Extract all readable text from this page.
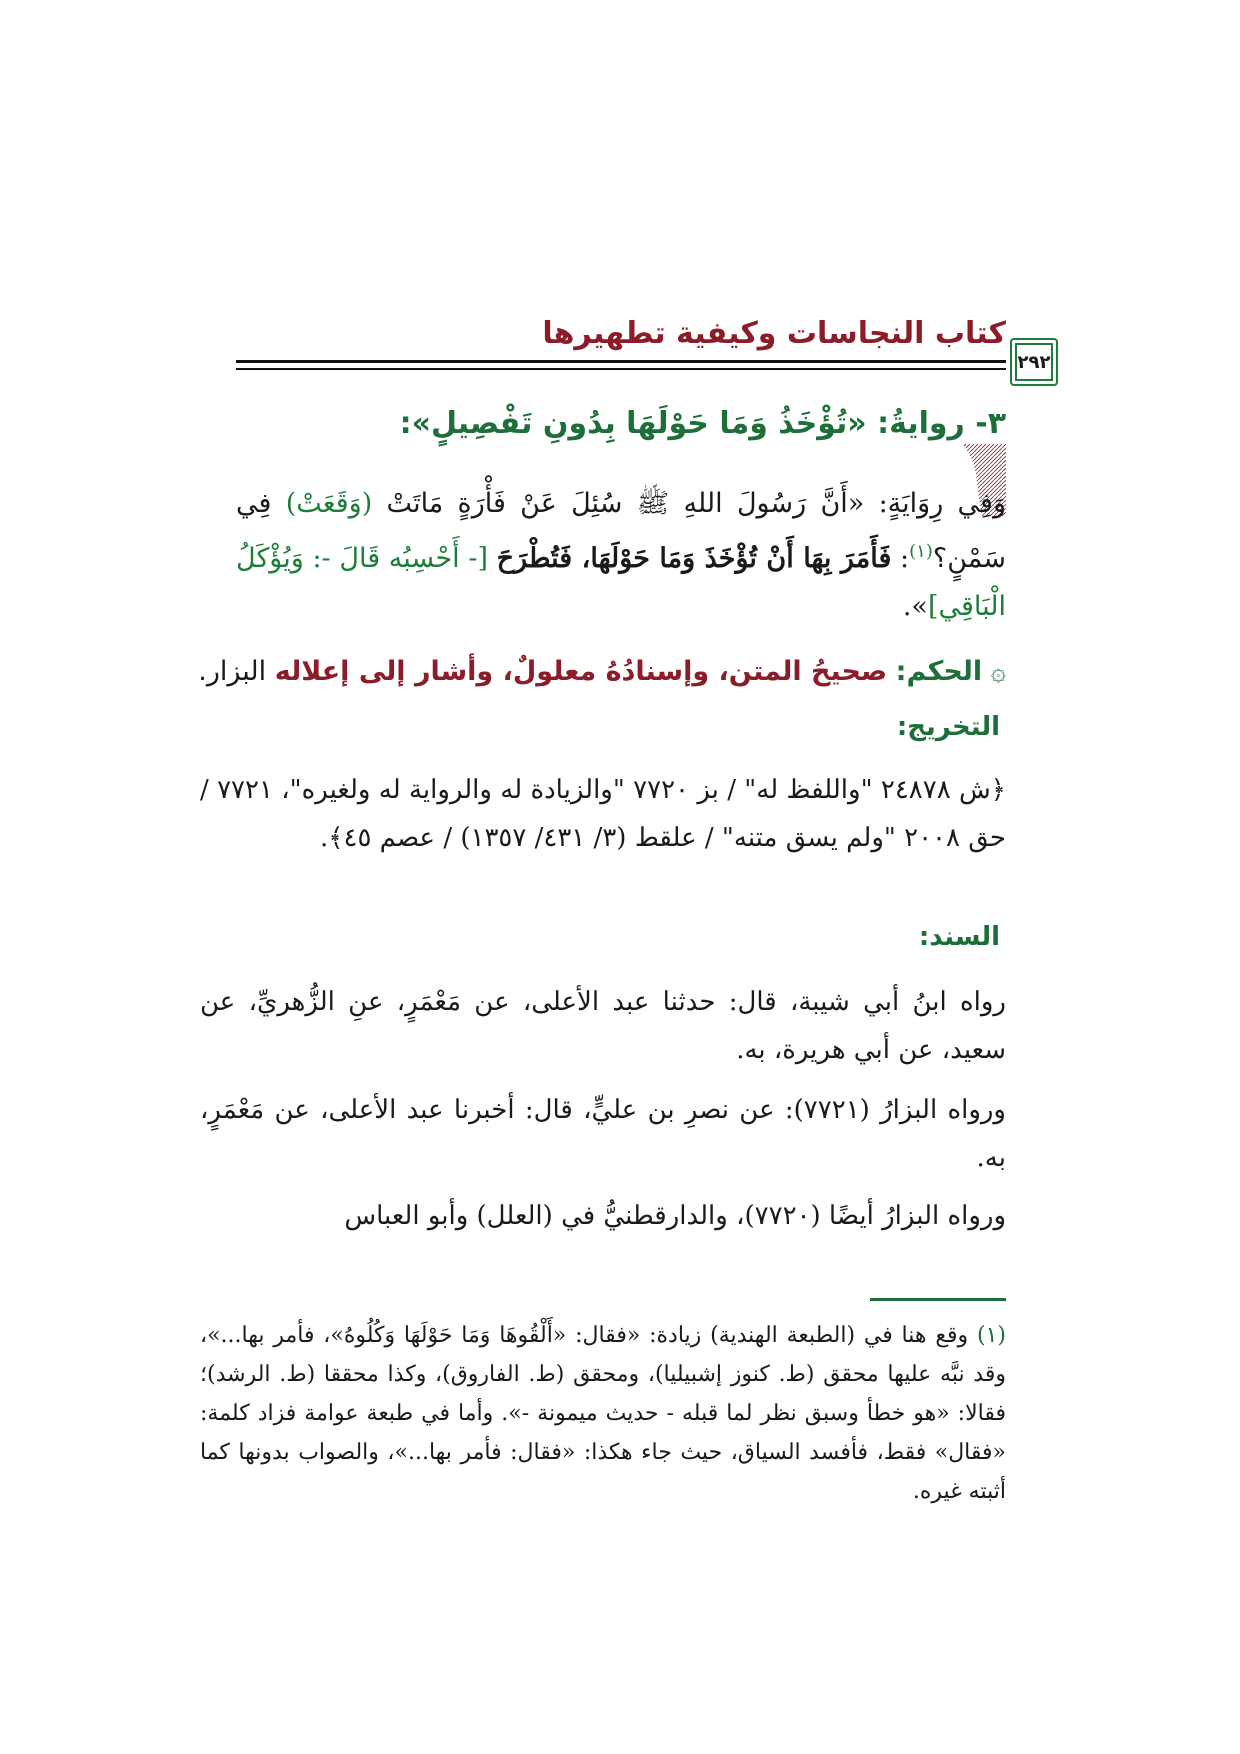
كتاب النجاسات وكيفية تطهيرها
٢٩٢
٣- روايةُ: «تُؤْخَذُ وَمَا حَوْلَهَا بِدُونِ تَفْصِيلٍ»:
وَفِي رِوَايَةٍ: «أَنَّ رَسُولَ اللهِ ﷺ سُئِلَ عَنْ فَأْرَةٍ مَاتَتْ (وَقَعَتْ) فِي سَمْنٍ؟$^{(١)}$: فَأَمَرَ بِهَا أَنْ تُؤْخَذَ وَمَا حَوْلَهَا، فَتُطْرَحَ [- أَحْسِبُه قَالَ -: وَيُؤْكَلُ الْبَاقِي]».
۞ الحكم: صحيحُ المتن، وإسنادُهُ معلولٌ، وأشار إلى إعلاله البزار.
التخريج:
﴿ش ٢٤٨٧٨ "واللفظ له" / بز ٧٧٢٠ "والزيادة له والرواية له ولغيره"، ٧٧٢١ / حق ٢٠٠٨ "ولم يسق متنه" / علقط (٣/ ٤٣١/ ١٣٥٧) / عصم ٤٥﴾.
السند:
رواه ابنُ أبي شيبة، قال: حدثنا عبد الأعلى، عن مَعْمَرٍ، عنِ الزُّهريِّ، عن سعيد، عن أبي هريرة، به.
ورواه البزارُ (٧٧٢١): عن نصرِ بن عليٍّ، قال: أخبرنا عبد الأعلى، عن مَعْمَرٍ، به.
ورواه البزارُ أيضًا (٧٧٢٠)، والدارقطنيُّ في (العلل) وأبو العباس
(١) وقع هنا في (الطبعة الهندية) زيادة: «فقال: «أَلْقُوهَا وَمَا حَوْلَهَا وَكُلُوهُ»، فأمر بها...»، وقد نبَّه عليها محقق (ط. كنوز إشبيليا)، ومحقق (ط. الفاروق)، وكذا محققا (ط. الرشد)؛ فقالا: «هو خطأ وسبق نظر لما قبله - حديث ميمونة -». وأما في طبعة عوامة فزاد كلمة: «فقال» فقط، فأفسد السياق، حيث جاء هكذا: «فقال: فأمر بها...»، والصواب بدونها كما أثبته غيره.
